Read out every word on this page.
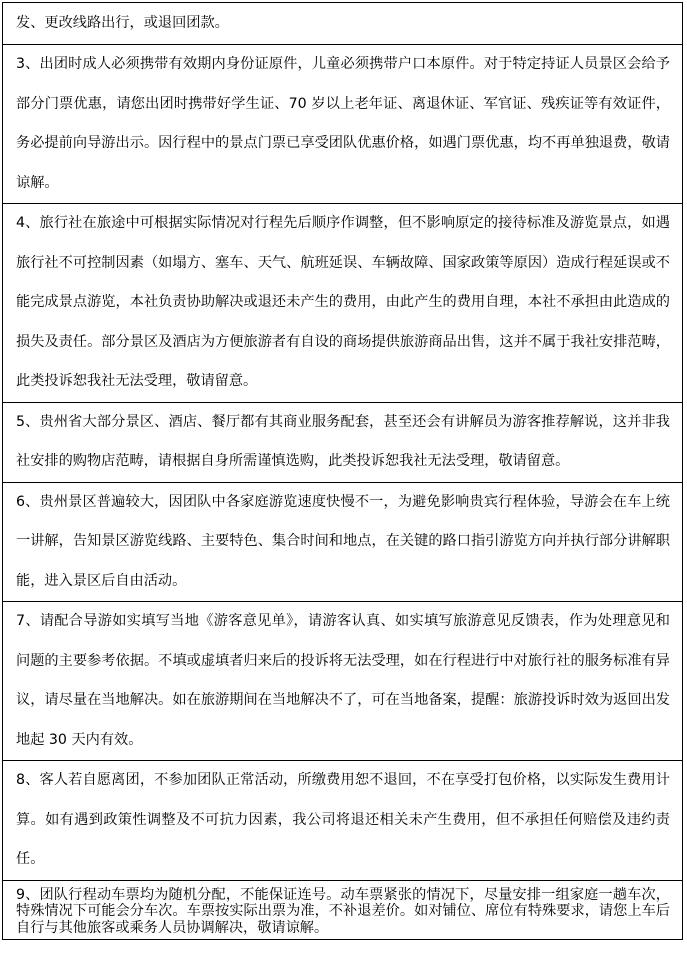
发、更改线路出行，或退回团款。
3、出团时成人必须携带有效期内身份证原件，儿童必须携带户口本原件。对于特定持证人员景区会给予部分门票优惠，请您出团时携带好学生证、70 岁以上老年证、离退休证、军官证、残疾证等有效证件，务必提前向导游出示。因行程中的景点门票已享受团队优惠价格，如遇门票优惠，均不再单独退费，敬请谅解。
4、旅行社在旅途中可根据实际情况对行程先后顺序作调整，但不影响原定的接待标准及游览景点，如遇旅行社不可控制因素（如塌方、塞车、天气、航班延误、车辆故障、国家政策等原因）造成行程延误或不能完成景点游览，本社负责协助解决或退还未产生的费用，由此产生的费用自理，本社不承担由此造成的损失及责任。部分景区及酒店为方便旅游者有自设的商场提供旅游商品出售，这并不属于我社安排范畴，此类投诉恕我社无法受理，敬请留意。
5、贵州省大部分景区、酒店、餐厅都有其商业服务配套，甚至还会有讲解员为游客推荐解说，这并非我社安排的购物店范畴，请根据自身所需谨慎选购，此类投诉恕我社无法受理，敬请留意。
6、贵州景区普遍较大，因团队中各家庭游览速度快慢不一，为避免影响贵宾行程体验，导游会在车上统一讲解，告知景区游览线路、主要特色、集合时间和地点，在关键的路口指引游览方向并执行部分讲解职能，进入景区后自由活动。
7、请配合导游如实填写当地《游客意见单》，请游客认真、如实填写旅游意见反馈表，作为处理意见和问题的主要参考依据。不填或虚填者归来后的投诉将无法受理，如在行程进行中对旅行社的服务标准有异议，请尽量在当地解决。如在旅游期间在当地解决不了，可在当地备案，提醒：旅游投诉时效为返回出发地起 30 天内有效。
8、客人若自愿离团，不参加团队正常活动，所缴费用恕不退回，不在享受打包价格，以实际发生费用计算。如有遇到政策性调整及不可抗力因素，我公司将退还相关未产生费用，但不承担任何赔偿及违约责任。
9、团队行程动车票均为随机分配，不能保证连号。动车票紧张的情况下，尽量安排一组家庭一趟车次，特殊情况下可能会分车次。车票按实际出票为准，不补退差价。如对铺位、席位有特殊要求，请您上车后自行与其他旅客或乘务人员协调解决，敬请谅解。
